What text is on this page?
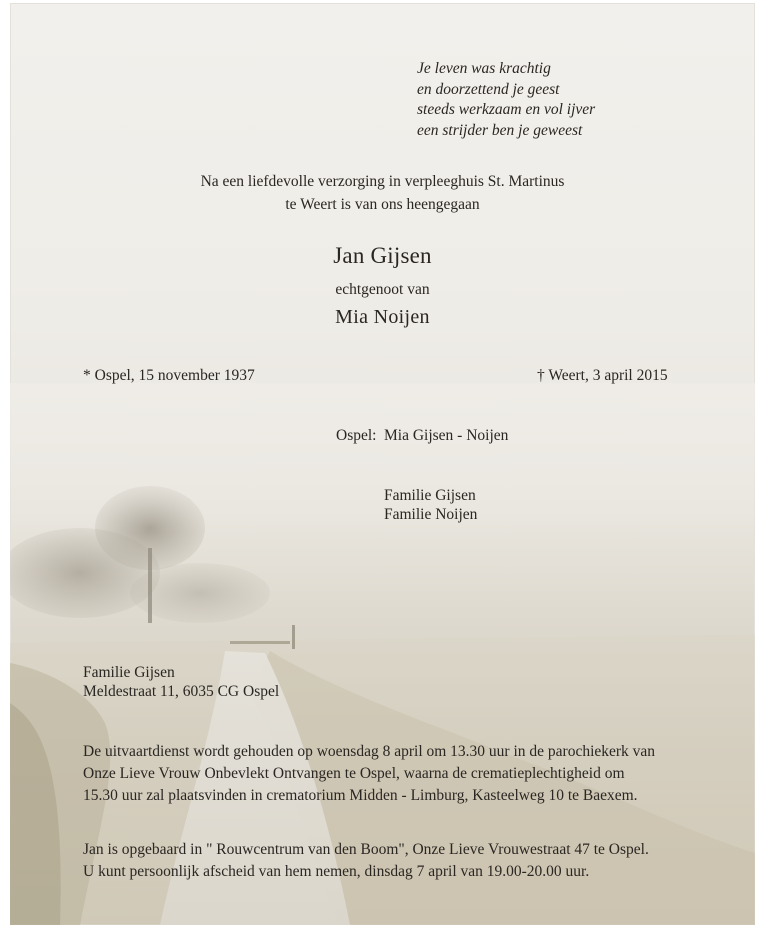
Je leven was krachtig
en doorzettend je geest
steeds werkzaam en vol ijver
een strijder ben je geweest
Na een liefdevolle verzorging in verpleeghuis St. Martinus
te Weert is van ons heengegaan
Jan Gijsen
echtgenoot van
Mia Noijen
* Ospel, 15 november 1937	† Weert, 3 april 2015
Ospel: Mia Gijsen - Noijen
Familie Gijsen
Familie Noijen
Familie Gijsen
Meldestraat 11, 6035 CG Ospel
De uitvaartdienst wordt gehouden op woensdag 8 april om 13.30 uur in de parochiekerk van
Onze Lieve Vrouw Onbevlekt Ontvangen te Ospel, waarna de crematieplechtigheid om
15.30 uur zal plaatsvinden in crematorium Midden - Limburg, Kasteelweg 10 te Baexem.
Jan is opgebaard in " Rouwcentrum van den Boom", Onze Lieve Vrouwestraat 47 te Ospel.
U kunt persoonlijk afscheid van hem nemen, dinsdag 7 april van 19.00-20.00 uur.
